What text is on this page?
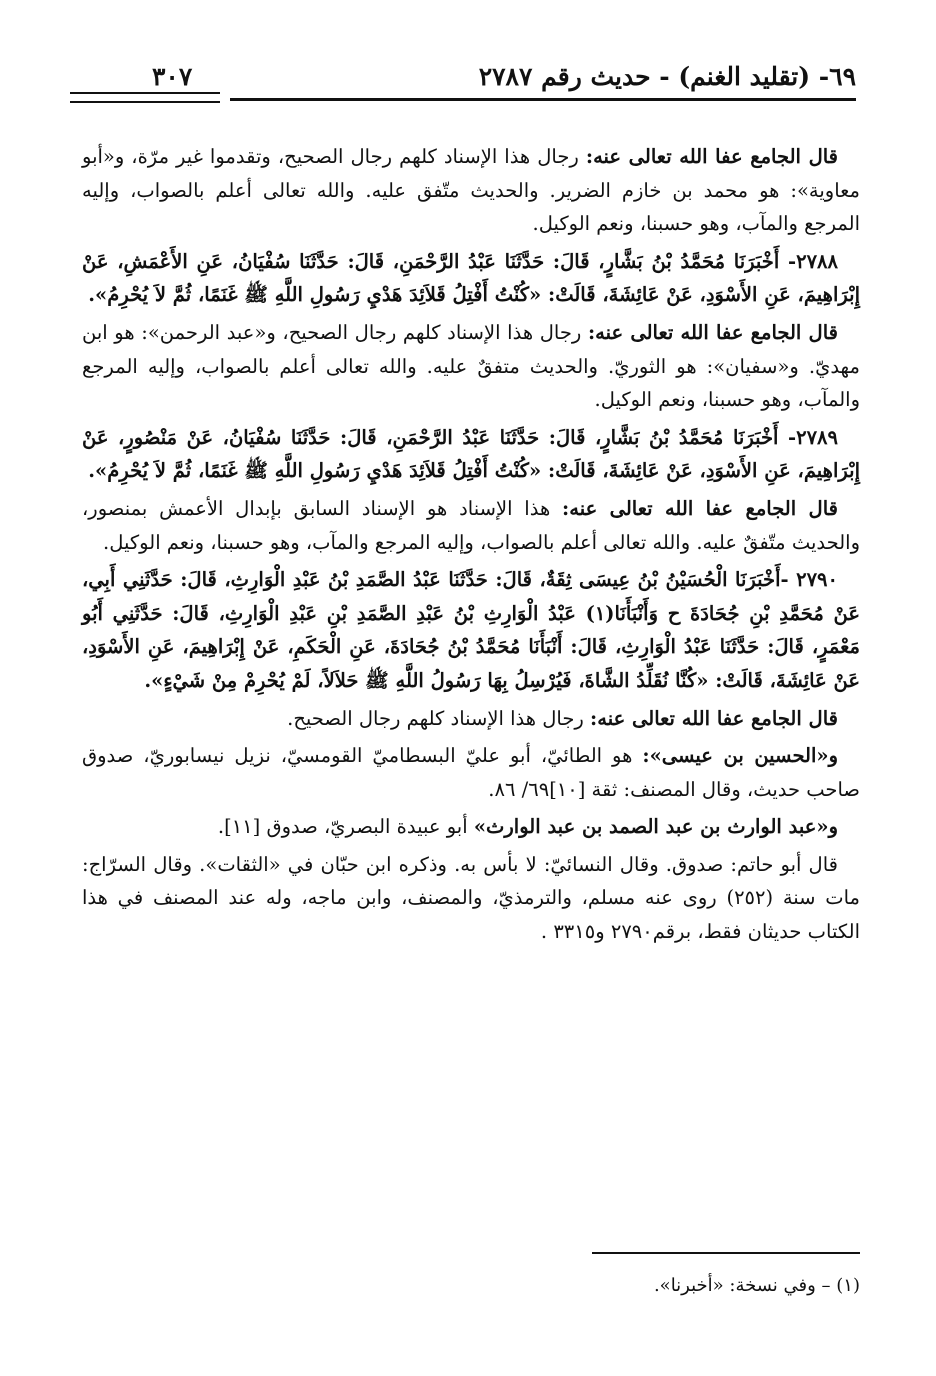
٦٩- (تقليد الغنم) - حديث رقم ٢٧٨٧
٣٠٧

قال الجامع عفا الله تعالى عنه: رجال هذا الإسناد كلهم رجال الصحيح، وتقدموا غير مرّة، و«أبو معاوية»: هو محمد بن خازم الضرير. والحديث متّفق عليه. والله تعالى أعلم بالصواب، وإليه المرجع والمآب، وهو حسبنا، ونعم الوكيل.

٢٧٨٨- أَخْبَرَنَا مُحَمَّدُ بْنُ بَشَّارٍ، قَالَ: حَدَّثَنَا عَبْدُ الرَّحْمَنِ، قَالَ: حَدَّثَنَا سُفْيَانُ، عَنِ الأَعْمَشِ، عَنْ إِبْرَاهِيمَ، عَنِ الأَسْوَدِ، عَنْ عَائِشَةَ، قَالَتْ: «كُنْتُ أَفْتِلُ قَلاَئِدَ هَدْيِ رَسُولِ اللَّهِ ﷺ غَنَمًا، ثُمَّ لاَ يُحْرِمُ».

قال الجامع عفا الله تعالى عنه: رجال هذا الإسناد كلهم رجال الصحيح، و«عبد الرحمن»: هو ابن مهديّ. و«سفيان»: هو الثوريّ. والحديث متفقٌ عليه. والله تعالى أعلم بالصواب، وإليه المرجع والمآب، وهو حسبنا، ونعم الوكيل.

٢٧٨٩- أَخْبَرَنَا مُحَمَّدُ بْنُ بَشَّارٍ، قَالَ: حَدَّثَنَا عَبْدُ الرَّحْمَنِ، قَالَ: حَدَّثَنَا سُفْيَانُ، عَنْ مَنْصُورٍ، عَنْ إِبْرَاهِيمَ، عَنِ الأَسْوَدِ، عَنْ عَائِشَةَ، قَالَتْ: «كُنْتُ أَفْتِلُ قَلاَئِدَ هَدْيِ رَسُولِ اللَّهِ ﷺ غَنَمًا، ثُمَّ لاَ يُحْرِمُ».

قال الجامع عفا الله تعالى عنه: هذا الإسناد هو الإسناد السابق بإبدال الأعمش بمنصور، والحديث متّفقٌ عليه. والله تعالى أعلم بالصواب، وإليه المرجع والمآب، وهو حسبنا، ونعم الوكيل.

٢٧٩٠ -أَخْبَرَنَا الْحُسَيْنُ بْنُ عِيسَى ثِقَةٌ، قَالَ: حَدَّثَنَا عَبْدُ الصَّمَدِ بْنُ عَبْدِ الْوَارِثِ، قَالَ: حَدَّثَنِي أَبِي، عَنْ مُحَمَّدِ بْنِ جُحَادَةَ ح وَأَنْبَأَنَا(١) عَبْدُ الْوَارِثِ بْنُ عَبْدِ الصَّمَدِ بْنِ عَبْدِ الْوَارِثِ، قَالَ: حَدَّثَنِي أَبُو مَعْمَرٍ، قَالَ: حَدَّثَنَا عَبْدُ الْوَارِثِ، قَالَ: أَنْبَأَنَا مُحَمَّدُ بْنُ جُحَادَةَ، عَنِ الْحَكَمِ، عَنْ إِبْرَاهِيمَ، عَنِ الأَسْوَدِ، عَنْ عَائِشَةَ، قَالَتْ: «كُنَّا نُقَلِّدُ الشَّاةَ، فَيُرْسِلُ بِهَا رَسُولُ اللَّهِ ﷺ حَلاَلاً، لَمْ يُحْرِمْ مِنْ شَيْءٍ».

قال الجامع عفا الله تعالى عنه: رجال هذا الإسناد كلهم رجال الصحيح.

و«الحسين بن عيسى»: هو الطائيّ، أبو عليّ البسطاميّ القومسيّ، نزيل نيسابوريّ، صدوق صاحب حديث، وقال المصنف: ثقة [١٠]٦٩/ ٨٦.

و«عبد الوارث بن عبد الصمد بن عبد الوارث» أبو عبيدة البصريّ، صدوق [١١].

قال أبو حاتم: صدوق. وقال النسائيّ: لا بأس به. وذكره ابن حبّان في «الثقات». وقال السرّاج: مات سنة (٢٥٢) روى عنه مسلم، والترمذيّ، والمصنف، وابن ماجه، وله عند المصنف في هذا الكتاب حديثان فقط، برقم٢٧٩٠ و٣٣١٥ .

(١) – وفي نسخة: «أخبرنا».
